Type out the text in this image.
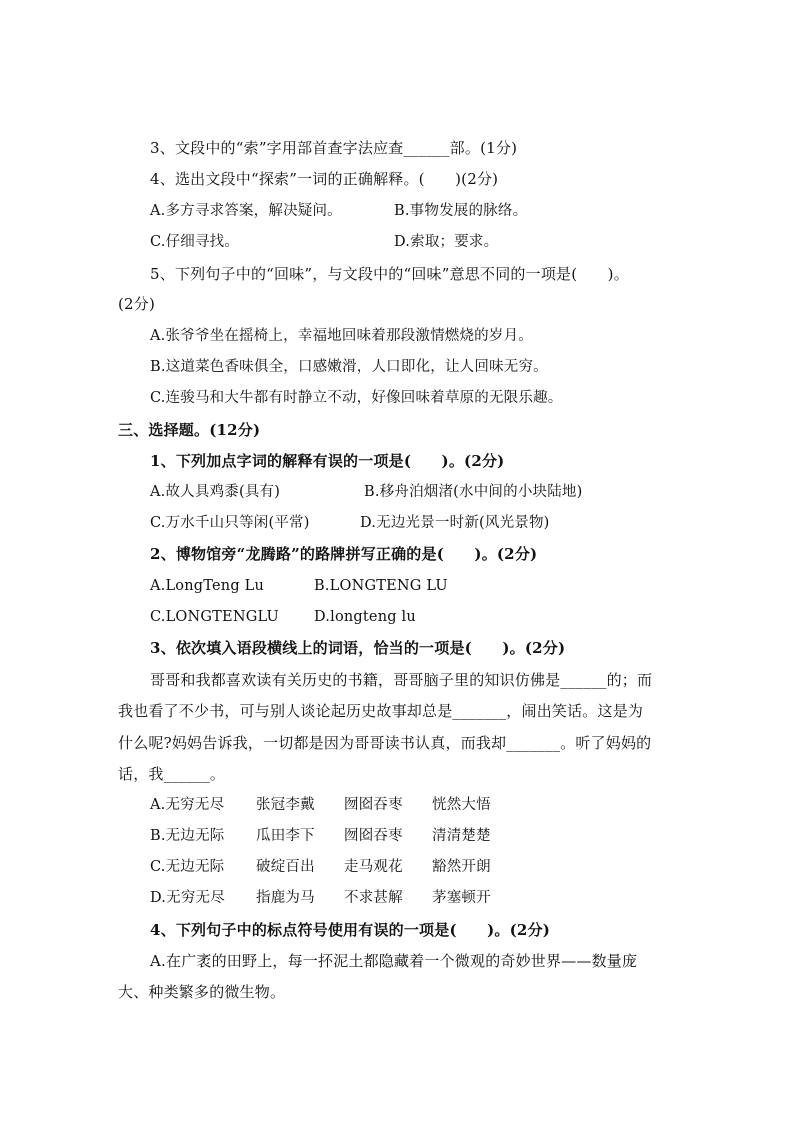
3、文段中的“索”字用部首查字法应查______部。(1分)
4、选出文段中“探索”一词的正确解释。(　　)(2分)
A.多方寻求答案，解决疑问。	B.事物发展的脉络。
C.仔细寻找。	D.索取；要求。
5、下列句子中的“回味”，与文段中的“回味”意思不同的一项是(　　)。
(2分)
A.张爷爷坐在摇椅上，幸福地回味着那段激情燃烧的岁月。
B.这道菜色香味俱全，口感嫩滑，人口即化，让人回味无穷。
C.连骏马和大牛都有时静立不动，好像回味着草原的无限乐趣。
三、选择题。(12分)
1、下列加点字词的解释有误的一项是(　　)。(2分)
A.故人具鸡黍(具有)	B.移舟泊烟渚(水中间的小块陆地)
C.万水千山只等闲(平常)	D.无边光景一时新(风光景物)
2、博物馆旁“龙腾路”的路牌拼写正确的是(　　)。(2分)
A.LongTeng Lu	B.LONGTENG LU
C.LONGTENGLU D.longteng lu
3、依次填入语段横线上的词语，恰当的一项是(　　)。(2分)
哥哥和我都喜欢读有关历史的书籍，哥哥脑子里的知识仿佛是______的；而
我也看了不少书，可与别人谈论起历史故事却总是_______，闹出笑话。这是为
什么呢?妈妈告诉我，一切都是因为哥哥读书认真，而我却_______。听了妈妈的
话，我______。
A.无穷无尽 张冠李戴 囫囵吞枣 恍然大悟
B.无边无际 瓜田李下 囫囵吞枣 清清楚楚
C.无边无际 破绽百出 走马观花 豁然开朗
D.无穷无尽 指鹿为马 不求甚解 茅塞顿开
4、下列句子中的标点符号使用有误的一项是(　　)。(2分)
A.在广袤的田野上，每一抔泥土都隐藏着一个微观的奇妙世界——数量庞
大、种类繁多的微生物。
